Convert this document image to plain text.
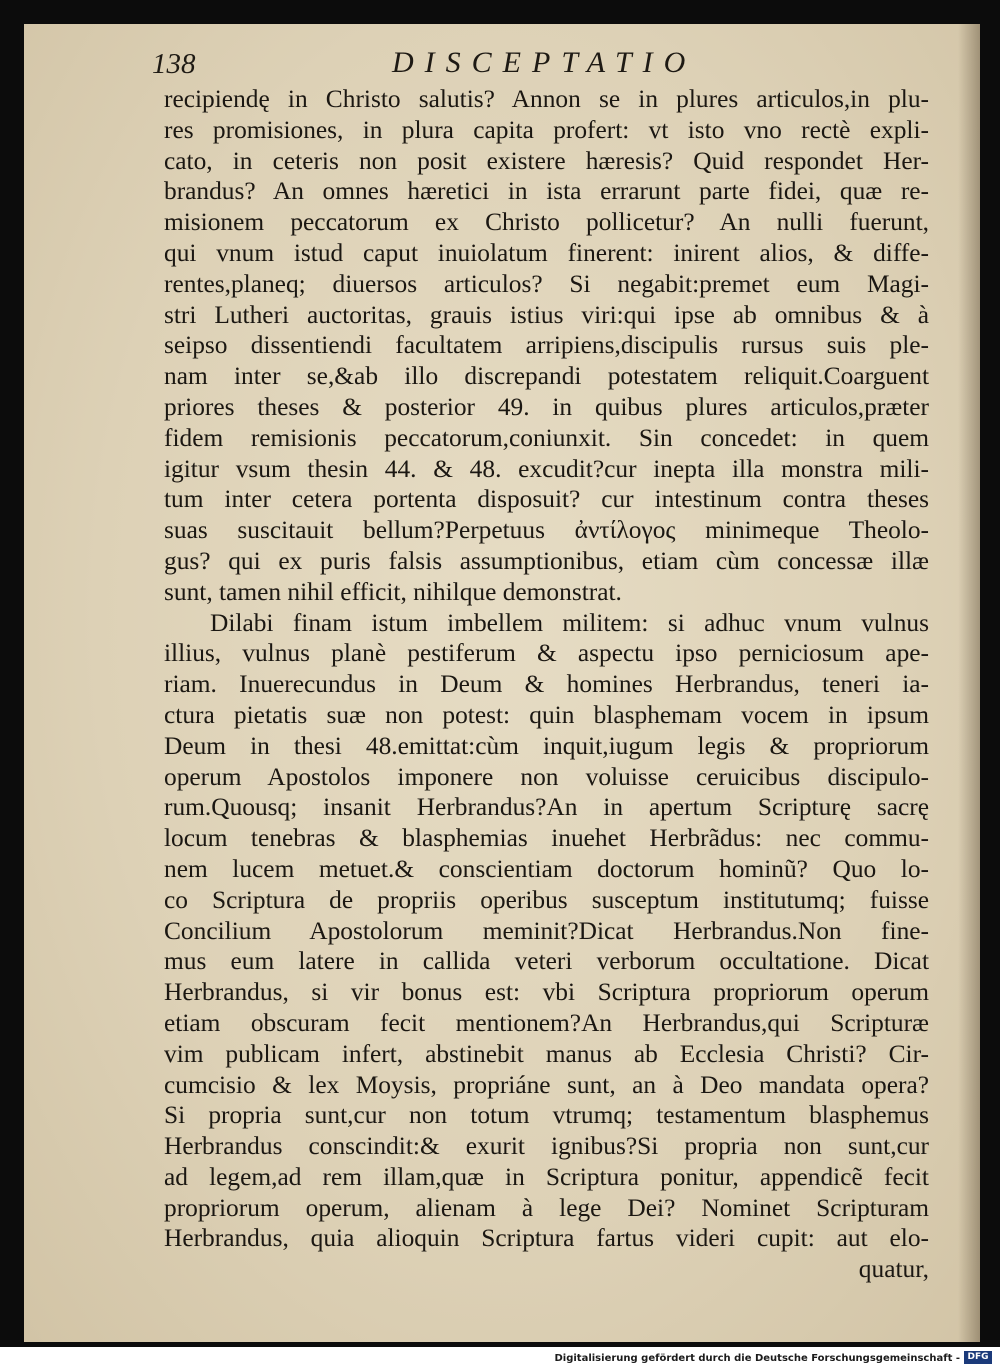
138	DISCEPTATIO
recipiendę in Christo salutis? Annon se in plures articulos,in plu-
res promisiones, in plura capita profert: vt isto vno rectè expli-
cato, in ceteris non posit existere hæresis? Quid respondet Her-
brandus? An omnes hæretici in ista errarunt parte fidei, quæ re-
misionem peccatorum ex Christo pollicetur? An nulli fuerunt,
qui vnum istud caput inuiolatum finerent: inirent alios, & diffe-
rentes,planeq; diuersos articulos? Si negabit:premet eum Magi-
stri Lutheri auctoritas, grauis istius viri:qui ipse ab omnibus & à
seipso dissentiendi facultatem arripiens,discipulis rursus suis ple-
nam inter se,&ab illo discrepandi potestatem reliquit.Coarguent
priores theses & posterior 49. in quibus plures articulos,præter
fidem remisionis peccatorum,coniunxit. Sin concedet: in quem
igitur vsum thesin 44. & 48. excudit?cur inepta illa monstra mili-
tum inter cetera portenta disposuit? cur intestinum contra theses
suas suscitauit bellum?Perpetuus ἀντίλογος minimeque Theolo-
gus? qui ex puris falsis assumptionibus, etiam cùm concessæ illæ
sunt, tamen nihil efficit, nihilque demonstrat.
Dilabi finam istum imbellem militem: si adhuc vnum vulnus
illius, vulnus planè pestiferum & aspectu ipso perniciosum ape-
riam. Inuerecundus in Deum & homines Herbrandus, teneri ia-
ctura pietatis suæ non potest: quin blasphemam vocem in ipsum
Deum in thesi 48.emittat:cùm inquit,iugum legis & propriorum
operum Apostolos imponere non voluisse ceruicibus discipulo-
rum.Quousq; insanit Herbrandus?An in apertum Scripturę sacrę
locum tenebras & blasphemias inuehet Herbrãdus: nec commu-
nem lucem metuet.& conscientiam doctorum hominũ? Quo lo-
co Scriptura de propriis operibus susceptum institutumq; fuisse
Concilium Apostolorum meminit?Dicat Herbrandus.Non fine-
mus eum latere in callida veteri verborum occultatione. Dicat
Herbrandus, si vir bonus est: vbi Scriptura propriorum operum
etiam obscuram fecit mentionem?An Herbrandus,qui Scripturæ
vim publicam infert, abstinebit manus ab Ecclesia Christi? Cir-
cumcisio & lex Moysis, propriáne sunt, an à Deo mandata opera?
Si propria sunt,cur non totum vtrumq; testamentum blasphemus
Herbrandus conscindit:& exurit ignibus?Si propria non sunt,cur
ad legem,ad rem illam,quæ in Scriptura ponitur, appendicẽ fecit
propriorum operum, alienam à lege Dei? Nominet Scripturam
Herbrandus, quia alioquin Scriptura fartus videri cupit: aut elo-
quatur,
Digitalisierung gefördert durch die Deutsche Forschungsgemeinschaft - DFG
